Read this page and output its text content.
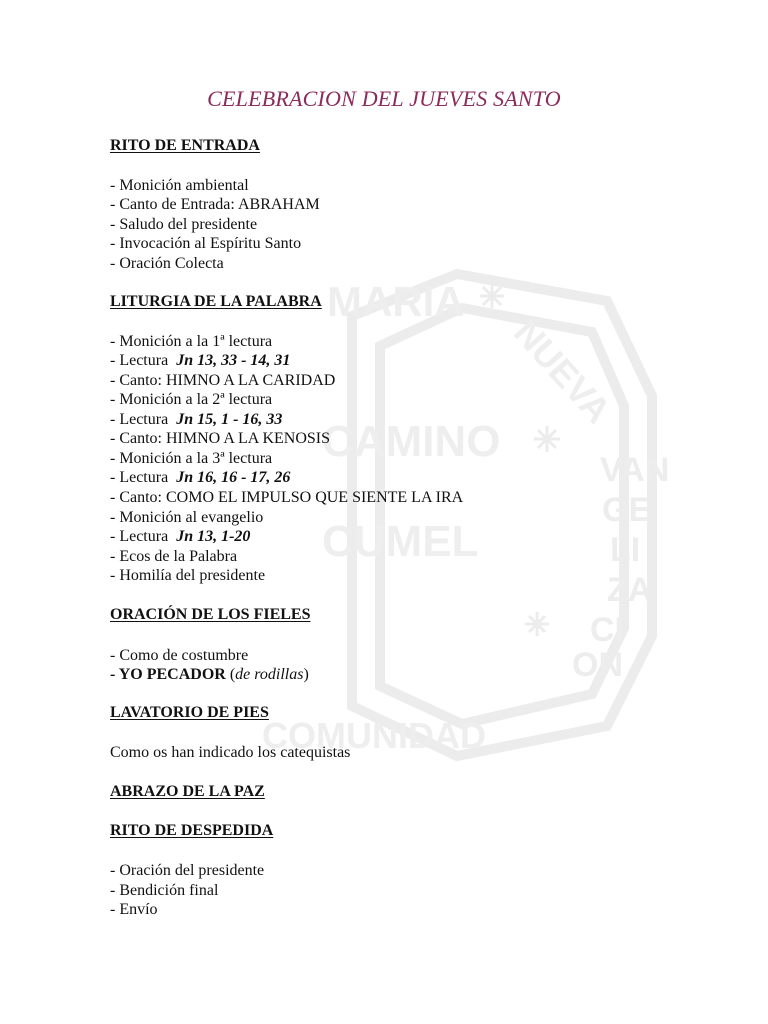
MARIA
NUEVA
COMUNIDAD
CAMINO
CUMEL
VAN
GE
LI
ZA
ON
CI
CELEBRACION DEL JUEVES SANTO
RITO DE ENTRADA
- Monición ambiental
- Canto de Entrada: ABRAHAM
- Saludo del presidente
- Invocación al Espíritu Santo
- Oración Colecta
LITURGIA DE LA PALABRA
- Monición a la 1ª lectura
- Lectura Jn 13, 33 - 14, 31
- Canto: HIMNO A LA CARIDAD
- Monición a la 2ª lectura
- Lectura Jn 15, 1 - 16, 33
- Canto: HIMNO A LA KENOSIS
- Monición a la 3ª lectura
- Lectura Jn 16, 16 - 17, 26
- Canto: COMO EL IMPULSO QUE SIENTE LA IRA
- Monición al evangelio
- Lectura Jn 13, 1-20
- Ecos de la Palabra
- Homilía del presidente
ORACIÓN DE LOS FIELES
- Como de costumbre
- YO PECADOR (de rodillas)
LAVATORIO DE PIES
Como os han indicado los catequistas
ABRAZO DE LA PAZ
RITO DE DESPEDIDA
- Oración del presidente
- Bendición final
- Envío
